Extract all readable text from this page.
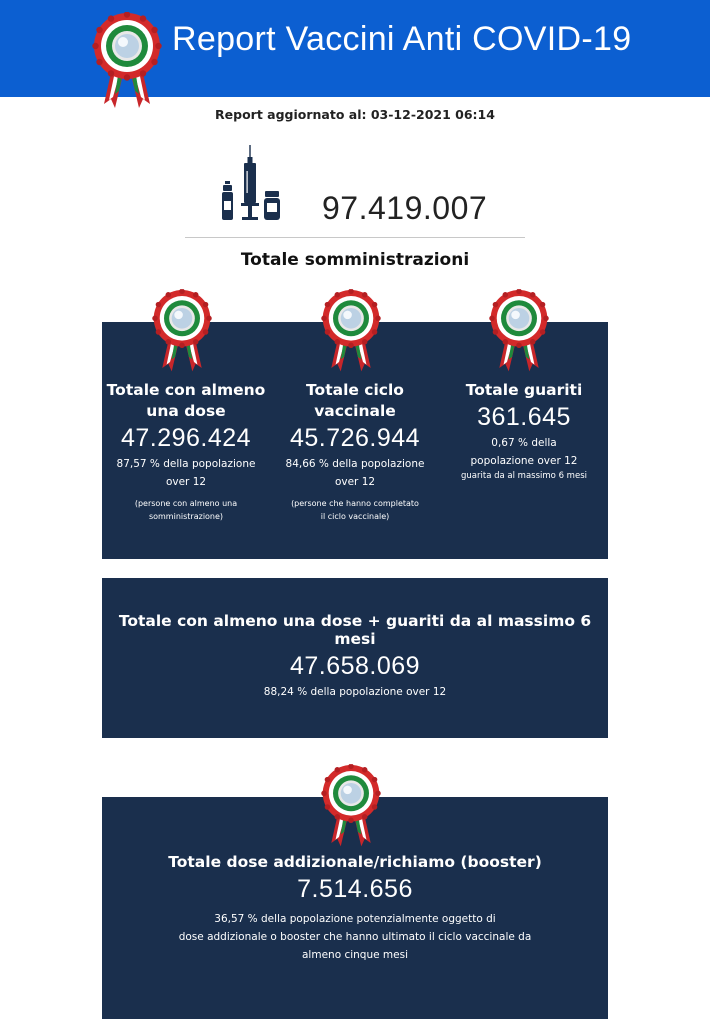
Report Vaccini Anti COVID-19
Report aggiornato al: 03-12-2021 06:14
97.419.007
Totale somministrazioni
Totale con almeno una dose
47.296.424
87,57 % della popolazione over 12
(persone con almeno una somministrazione)
Totale ciclo vaccinale
45.726.944
84,66 % della popolazione over 12
(persone che hanno completato il ciclo vaccinale)
Totale guariti
361.645
0,67 % della popolazione over 12
guarita da al massimo 6 mesi
Totale con almeno una dose + guariti da al massimo 6 mesi
47.658.069
88,24 % della popolazione over 12
Totale dose addizionale/richiamo (booster)
7.514.656
36,57 % della popolazione potenzialmente oggetto di
dose addizionale o booster che hanno ultimato il ciclo vaccinale da
almeno cinque mesi
